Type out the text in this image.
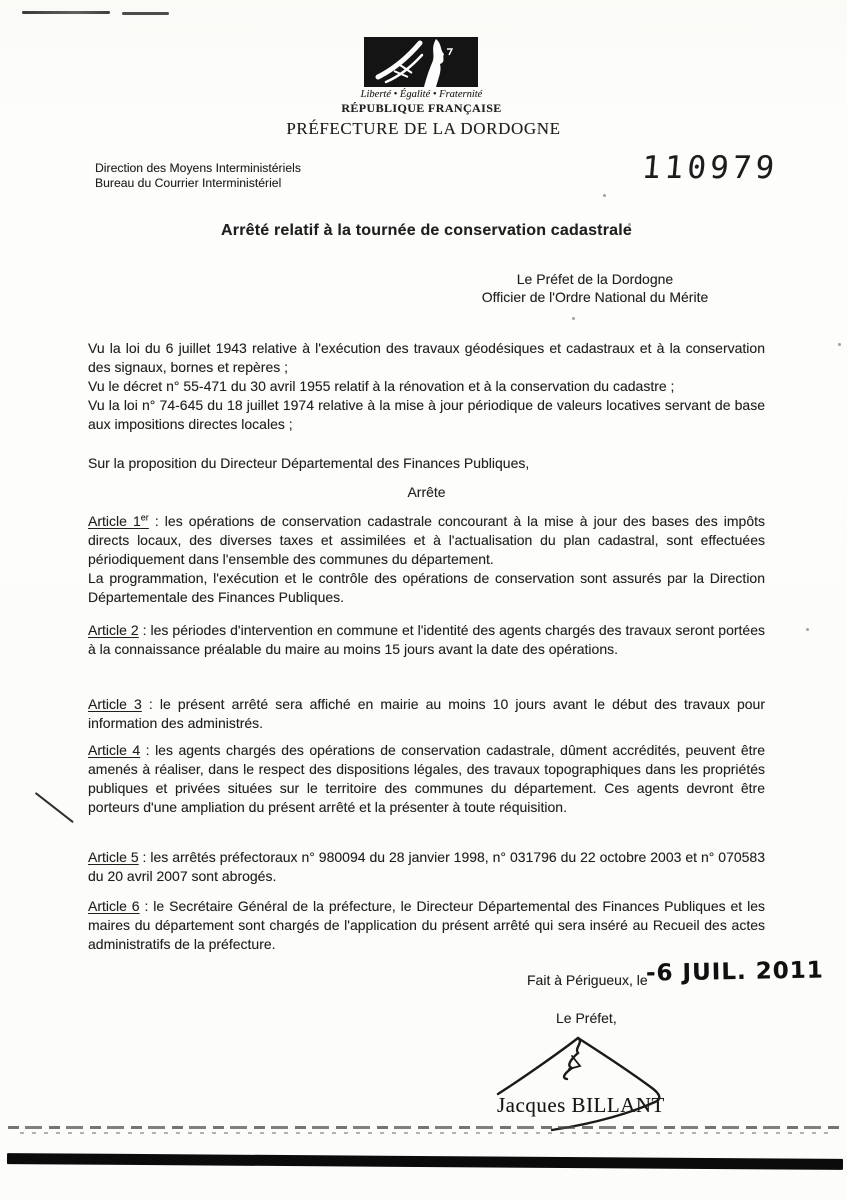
Liberté • Égalité • Fraternité
RÉPUBLIQUE FRANÇAISE
PRÉFECTURE DE LA DORDOGNE
Direction des Moyens Interministériels
Bureau du Courrier Interministériel	110979
Arrêté relatif à la tournée de conservation cadastrale
Le Préfet de la Dordogne
Officier de l'Ordre National du Mérite

Vu la loi du 6 juillet 1943 relative à l'exécution des travaux géodésiques et cadastraux et à la conservation des signaux, bornes et repères ;

Vu le décret n° 55-471 du 30 avril 1955 relatif à la rénovation et à la conservation du cadastre ;

Vu la loi n° 74-645 du 18 juillet 1974 relative à la mise à jour périodique de valeurs locatives servant de base aux impositions directes locales ;

Sur la proposition du Directeur Départemental des Finances Publiques,
Arrête

Article 1er : les opérations de conservation cadastrale concourant à la mise à jour des bases des impôts directs locaux, des diverses taxes et assimilées et à l'actualisation du plan cadastral, sont effectuées périodiquement dans l'ensemble des communes du département.

La programmation, l'exécution et le contrôle des opérations de conservation sont assurés par la Direction Départementale des Finances Publiques.

Article 2 : les périodes d'intervention en commune et l'identité des agents chargés des travaux seront portées à la connaissance préalable du maire au moins 15 jours avant la date des opérations.

Article 3 : le présent arrêté sera affiché en mairie au moins 10 jours avant le début des travaux pour information des administrés.

Article 4 : les agents chargés des opérations de conservation cadastrale, dûment accrédités, peuvent être amenés à réaliser, dans le respect des dispositions légales, des travaux topographiques dans les propriétés publiques et privées situées sur le territoire des communes du département. Ces agents devront être porteurs d'une ampliation du présent arrêté et la présenter à toute réquisition.

Article 5 : les arrêtés préfectoraux n° 980094 du 28 janvier 1998, n° 031796 du 22 octobre 2003 et n° 070583 du 20 avril 2007 sont abrogés.

Article 6 : le Secrétaire Général de la préfecture, le Directeur Départemental des Finances Publiques et les maires du département sont chargés de l'application du présent arrêté qui sera inséré au Recueil des actes administratifs de la préfecture.

Fait à Périgueux, le
-6 JUIL. 2011
Le Préfet,
Jacques BILLANT
